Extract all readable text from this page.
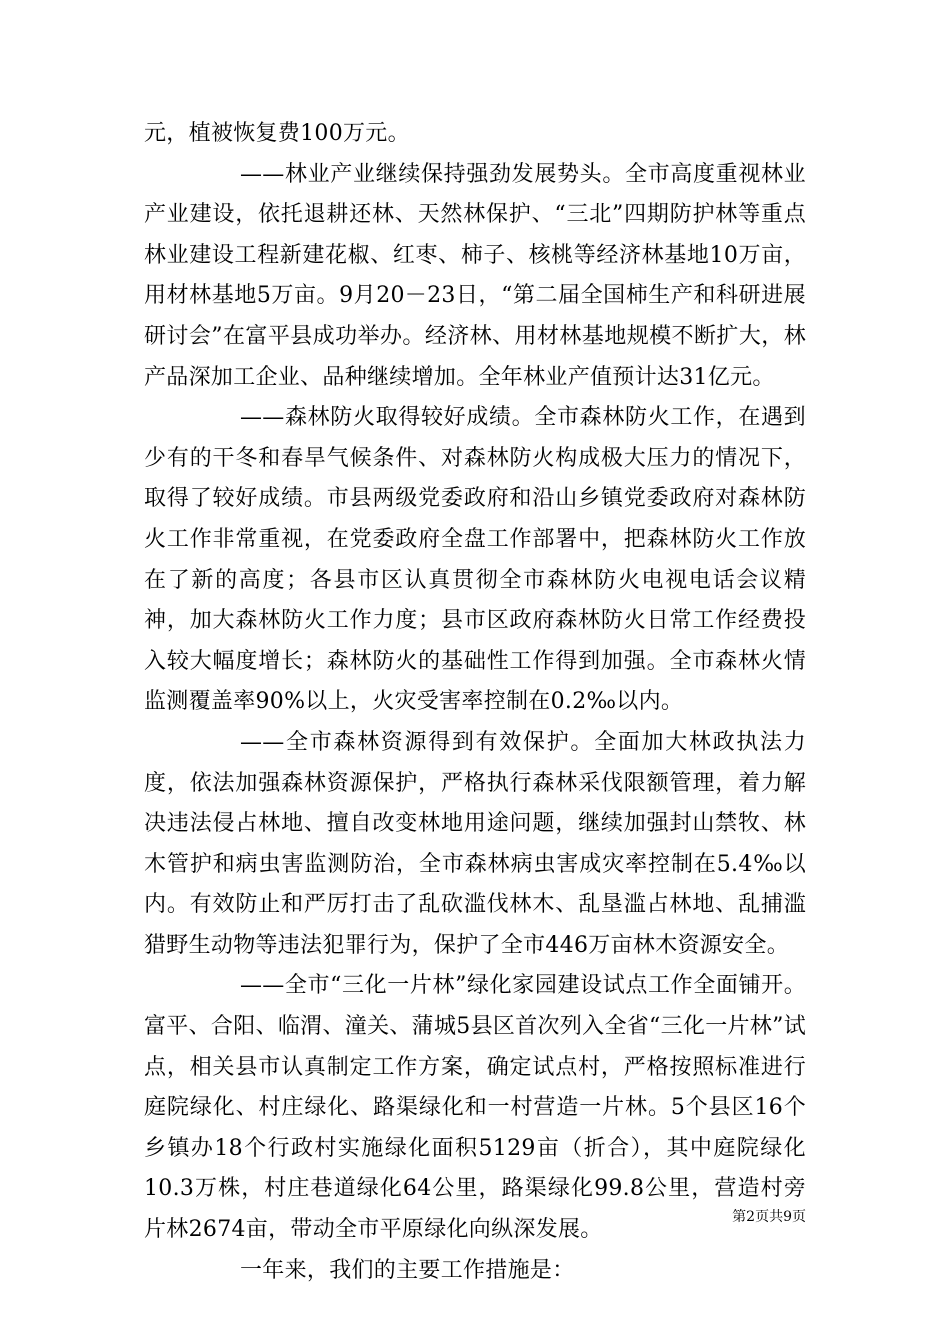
元，植被恢复费100万元。

——林业产业继续保持强劲发展势头。全市高度重视林业产业建设，依托退耕还林、天然林保护、“三北”四期防护林等重点林业建设工程新建花椒、红枣、柿子、核桃等经济林基地10万亩，用材林基地5万亩。9月20－23日，“第二届全国柿生产和科研进展研讨会”在富平县成功举办。经济林、用材林基地规模不断扩大，林产品深加工企业、品种继续增加。全年林业产值预计达31亿元。

——森林防火取得较好成绩。全市森林防火工作，在遇到少有的干冬和春旱气候条件、对森林防火构成极大压力的情况下，取得了较好成绩。市县两级党委政府和沿山乡镇党委政府对森林防火工作非常重视，在党委政府全盘工作部署中，把森林防火工作放在了新的高度；各县市区认真贯彻全市森林防火电视电话会议精神，加大森林防火工作力度；县市区政府森林防火日常工作经费投入较大幅度增长；森林防火的基础性工作得到加强。全市森林火情监测覆盖率90%以上，火灾受害率控制在0.2‰以内。

——全市森林资源得到有效保护。全面加大林政执法力度，依法加强森林资源保护，严格执行森林采伐限额管理，着力解决违法侵占林地、擅自改变林地用途问题，继续加强封山禁牧、林木管护和病虫害监测防治，全市森林病虫害成灾率控制在5.4‰以内。有效防止和严厉打击了乱砍滥伐林木、乱垦滥占林地、乱捕滥猎野生动物等违法犯罪行为，保护了全市446万亩林木资源安全。

——全市“三化一片林”绿化家园建设试点工作全面铺开。富平、合阳、临渭、潼关、蒲城5县区首次列入全省“三化一片林”试点，相关县市认真制定工作方案，确定试点村，严格按照标准进行庭院绿化、村庄绿化、路渠绿化和一村营造一片林。5个县区16个乡镇办18个行政村实施绿化面积5129亩（折合），其中庭院绿化10.3万株，村庄巷道绿化64公里，路渠绿化99.8公里，营造村旁片林2674亩，带动全市平原绿化向纵深发展。

一年来，我们的主要工作措施是：

第2页共9页
